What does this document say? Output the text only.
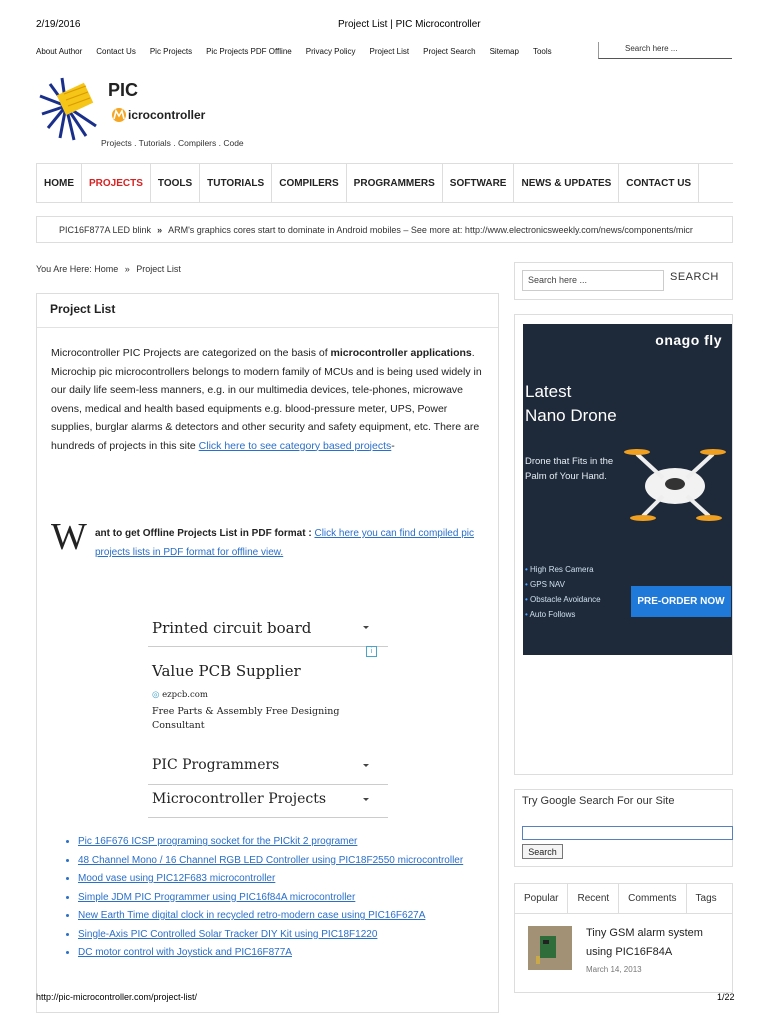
2/19/2016	Project List | PIC Microcontroller
About Author Contact Us Pic Projects Pic Projects PDF Offline Privacy Policy Project List Project Search Sitemap Tools	Search here ...
PIC
icrocontroller
Projects . Tutorials . Compilers . Code
HOME	PROJECTS	TOOLS	TUTORIALS	COMPILERS	PROGRAMMERS	SOFTWARE	NEWS & UPDATES	CONTACT US
PIC16F877A LED blink » ARM's graphics cores start to dominate in Android mobiles – See more at: http://www.electronicsweekly.com/news/components/micr
You Are Here: Home » Project List
Project List
Microcontroller PIC Projects are categorized on the basis of microcontroller applications. Microchip pic microcontrollers belongs to modern family of MCUs and is being used widely in our daily life seem-less manners, e.g. in our multimedia devices, tele-phones, microwave ovens, medical and health based equipments e.g. blood-pressure meter, UPS, Power supplies, burglar alarms & detectors and other security and safety equipment, etc. There are hundreds of projects in this site Click here to see category based projects-
W ant to get Offline Projects List in PDF format : Click here you can find compiled pic projects lists in PDF format for offline view.
Printed circuit board
i
Value PCB Supplier
◎ ezpcb.com
Free Parts & Assembly Free Designing Consultant
PIC Programmers
Microcontroller Projects
• Pic 16F676 ICSP programing socket for the PICkit 2 programer
• 48 Channel Mono / 16 Channel RGB LED Controller using PIC18F2550 microcontroller
• Mood vase using PIC12F683 microcontroller
• Simple JDM PIC Programmer using PIC16f84A microcontroller
• New Earth Time digital clock in recycled retro-modern case using PIC16F627A
• Single-Axis PIC Controlled Solar Tracker DIY Kit using PIC18F1220
• DC motor control with Joystick and PIC16F877A
Search here ...	SEARCH
onago fly
Latest
Nano Drone
Drone that Fits in the Palm of Your Hand.
• High Res Camera
• GPS NAV
• Obstacle Avoidance
• Auto Follows
PRE-ORDER NOW
Try Google Search For our Site
Search
Popular	Recent	Comments	Tags
Tiny GSM alarm system using PIC16F84A
March 14, 2013
http://pic-microcontroller.com/project-list/	1/22
